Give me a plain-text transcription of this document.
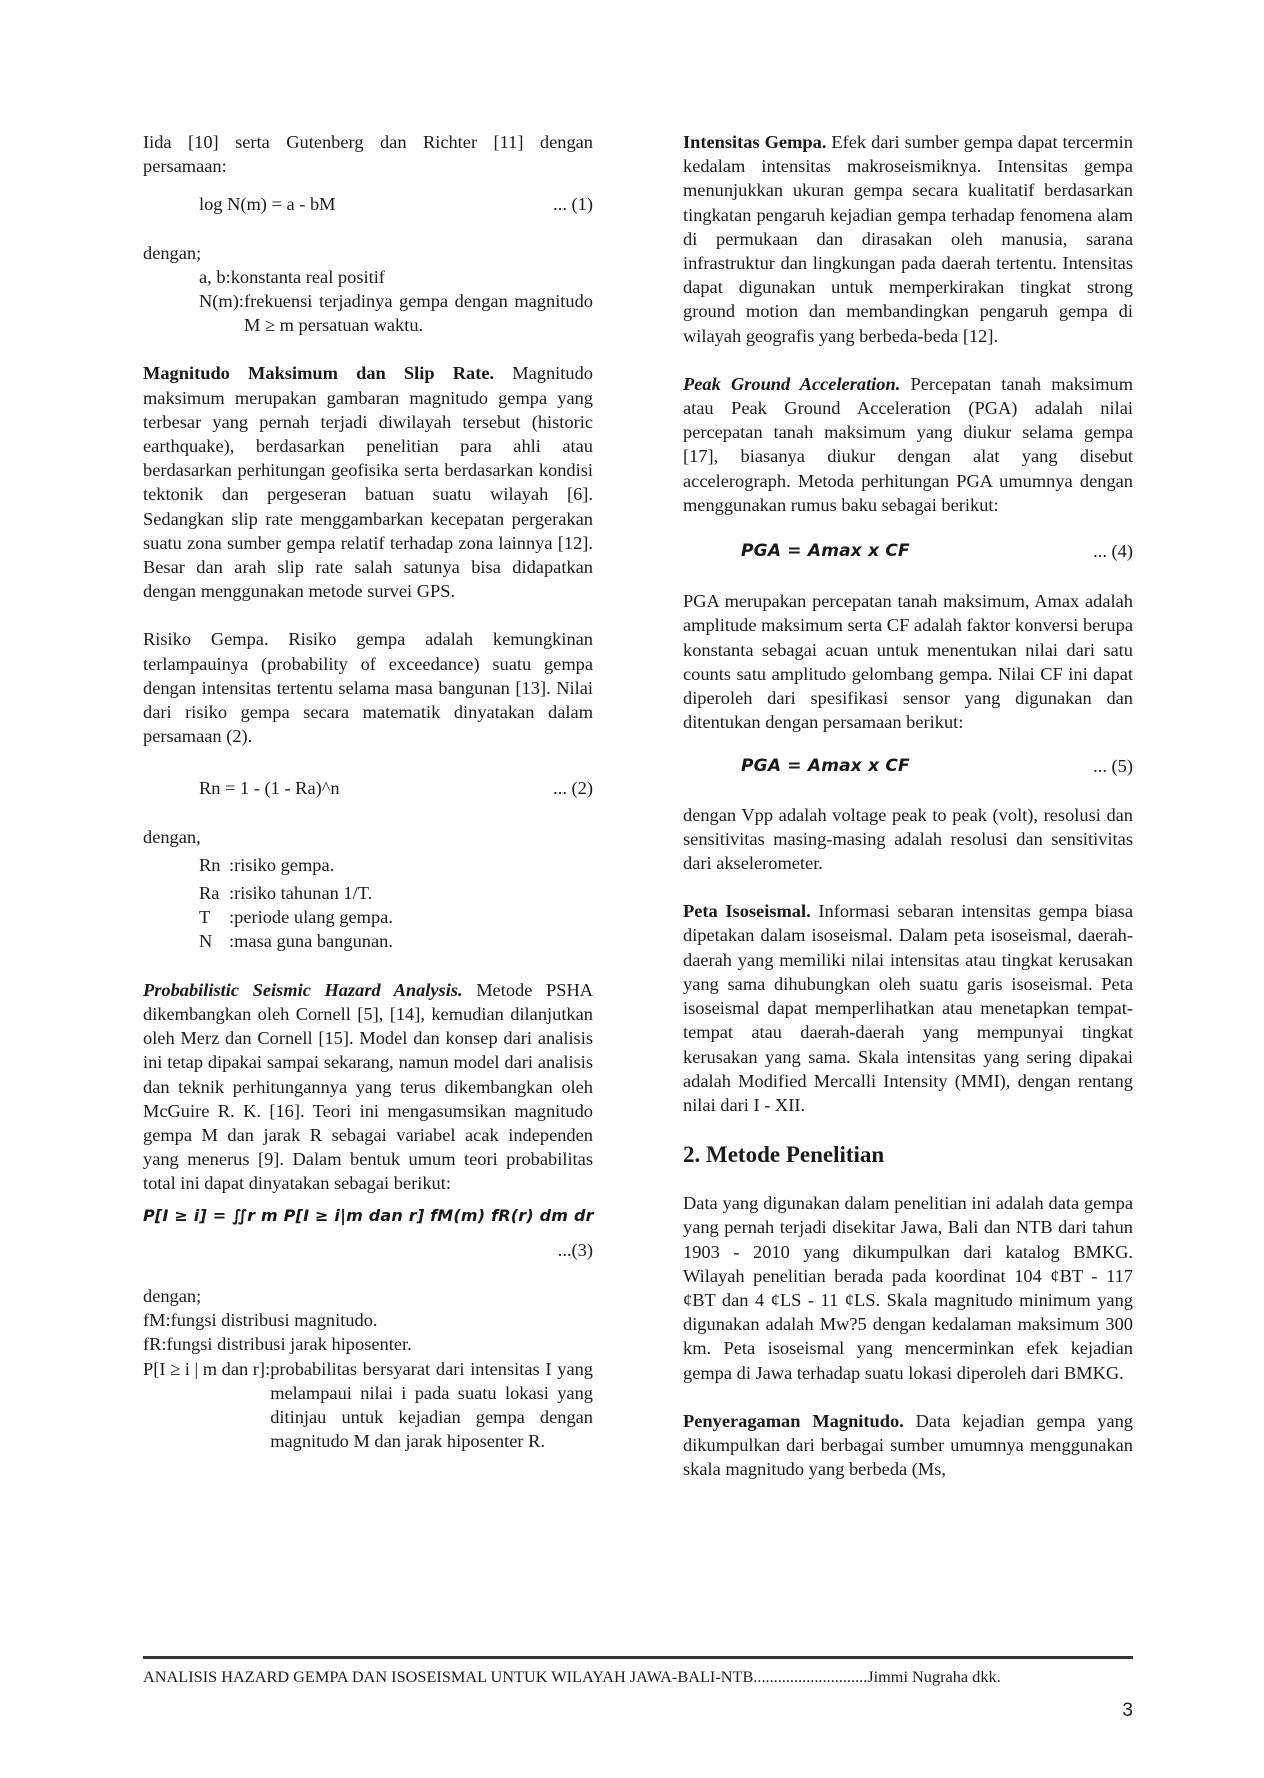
Iida [10] serta Gutenberg dan Richter [11] dengan persamaan:

log N(m) = a - bM	... (1)

dengan;

a, b : konstanta real positif
N(m) : frekuensi terjadinya gempa dengan magnitudo M ≥ m persatuan waktu.

Magnitudo Maksimum dan Slip Rate. Magnitudo maksimum merupakan gambaran magnitudo gempa yang terbesar yang pernah terjadi diwilayah tersebut (historic earthquake), berdasarkan penelitian para ahli atau berdasarkan perhitungan geofisika serta berdasarkan kondisi tektonik dan pergeseran batuan suatu wilayah [6]. Sedangkan slip rate menggambarkan kecepatan pergerakan suatu zona sumber gempa relatif terhadap zona lainnya [12]. Besar dan arah slip rate salah satunya bisa didapatkan dengan menggunakan metode survei GPS.

Risiko Gempa. Risiko gempa adalah kemungkinan terlampauinya (probability of exceedance) suatu gempa dengan intensitas tertentu selama masa bangunan [13]. Nilai dari risiko gempa secara matematik dinyatakan dalam persamaan (2).

Rn = 1 - (1 - Ra)^n	... (2)

dengan,

Rn : risiko gempa.
Ra : risiko tahunan 1/T.
T	: periode ulang gempa.
N : masa guna bangunan.

Probabilistic Seismic Hazard Analysis. Metode PSHA dikembangkan oleh Cornell [5], [14], kemudian dilanjutkan oleh Merz dan Cornell [15]. Model dan konsep dari analisis ini tetap dipakai sampai sekarang, namun model dari analisis dan teknik perhitungannya yang terus dikembangkan oleh McGuire R. K. [16]. Teori ini mengasumsikan magnitudo gempa M dan jarak R sebagai variabel acak independen yang menerus [9]. Dalam bentuk umum teori probabilitas total ini dapat dinyatakan sebagai berikut:

P[I ≥ i] = ∬r m P[I ≥ i|m dan r] fM(m) fR(r) dm dr
...(3)

dengan;

fM : fungsi distribusi magnitudo.
fR : fungsi distribusi jarak hiposenter.
P[I ≥ i | m dan r] : probabilitas bersyarat dari intensitas I yang melampaui nilai i pada suatu lokasi yang ditinjau untuk kejadian gempa dengan magnitudo M dan jarak hiposenter R.

Intensitas Gempa. Efek dari sumber gempa dapat tercermin kedalam intensitas makroseismiknya. Intensitas gempa menunjukkan ukuran gempa secara kualitatif berdasarkan tingkatan pengaruh kejadian gempa terhadap fenomena alam di permukaan dan dirasakan oleh manusia, sarana infrastruktur dan lingkungan pada daerah tertentu. Intensitas dapat digunakan untuk memperkirakan tingkat strong ground motion dan membandingkan pengaruh gempa di wilayah geografis yang berbeda-beda [12].

Peak Ground Acceleration. Percepatan tanah maksimum atau Peak Ground Acceleration (PGA) adalah nilai percepatan tanah maksimum yang diukur selama gempa [17], biasanya diukur dengan alat yang disebut accelerograph. Metoda perhitungan PGA umumnya dengan menggunakan rumus baku sebagai berikut:

PGA = Amax x CF	... (4)

PGA merupakan percepatan tanah maksimum, Amax adalah amplitude maksimum serta CF adalah faktor konversi berupa konstanta sebagai acuan untuk menentukan nilai dari satu counts satu amplitudo gelombang gempa. Nilai CF ini dapat diperoleh dari spesifikasi sensor yang digunakan dan ditentukan dengan persamaan berikut:

PGA = Amax x CF	... (5)

dengan Vpp adalah voltage peak to peak (volt), resolusi dan sensitivitas masing-masing adalah resolusi dan sensitivitas dari akselerometer.

Peta Isoseismal. Informasi sebaran intensitas gempa biasa dipetakan dalam isoseismal. Dalam peta isoseismal, daerah-daerah yang memiliki nilai intensitas atau tingkat kerusakan yang sama dihubungkan oleh suatu garis isoseismal. Peta isoseismal dapat memperlihatkan atau menetapkan tempat-tempat atau daerah-daerah yang mempunyai tingkat kerusakan yang sama. Skala intensitas yang sering dipakai adalah Modified Mercalli Intensity (MMI), dengan rentang nilai dari I - XII.

2. Metode Penelitian

Data yang digunakan dalam penelitian ini adalah data gempa yang pernah terjadi disekitar Jawa, Bali dan NTB dari tahun 1903 - 2010 yang dikumpulkan dari katalog BMKG. Wilayah penelitian berada pada koordinat 104 ¢BT - 117 ¢BT dan 4 ¢LS - 11 ¢LS. Skala magnitudo minimum yang digunakan adalah Mw?5 dengan kedalaman maksimum 300 km. Peta isoseismal yang mencerminkan efek kejadian gempa di Jawa terhadap suatu lokasi diperoleh dari BMKG.

Penyeragaman Magnitudo. Data kejadian gempa yang dikumpulkan dari berbagai sumber umumnya menggunakan skala magnitudo yang berbeda (Ms,

ANALISIS HAZARD GEMPA DAN ISOSEISMAL UNTUK WILAYAH JAWA-BALI-NTB............................Jimmi Nugraha dkk.
3
